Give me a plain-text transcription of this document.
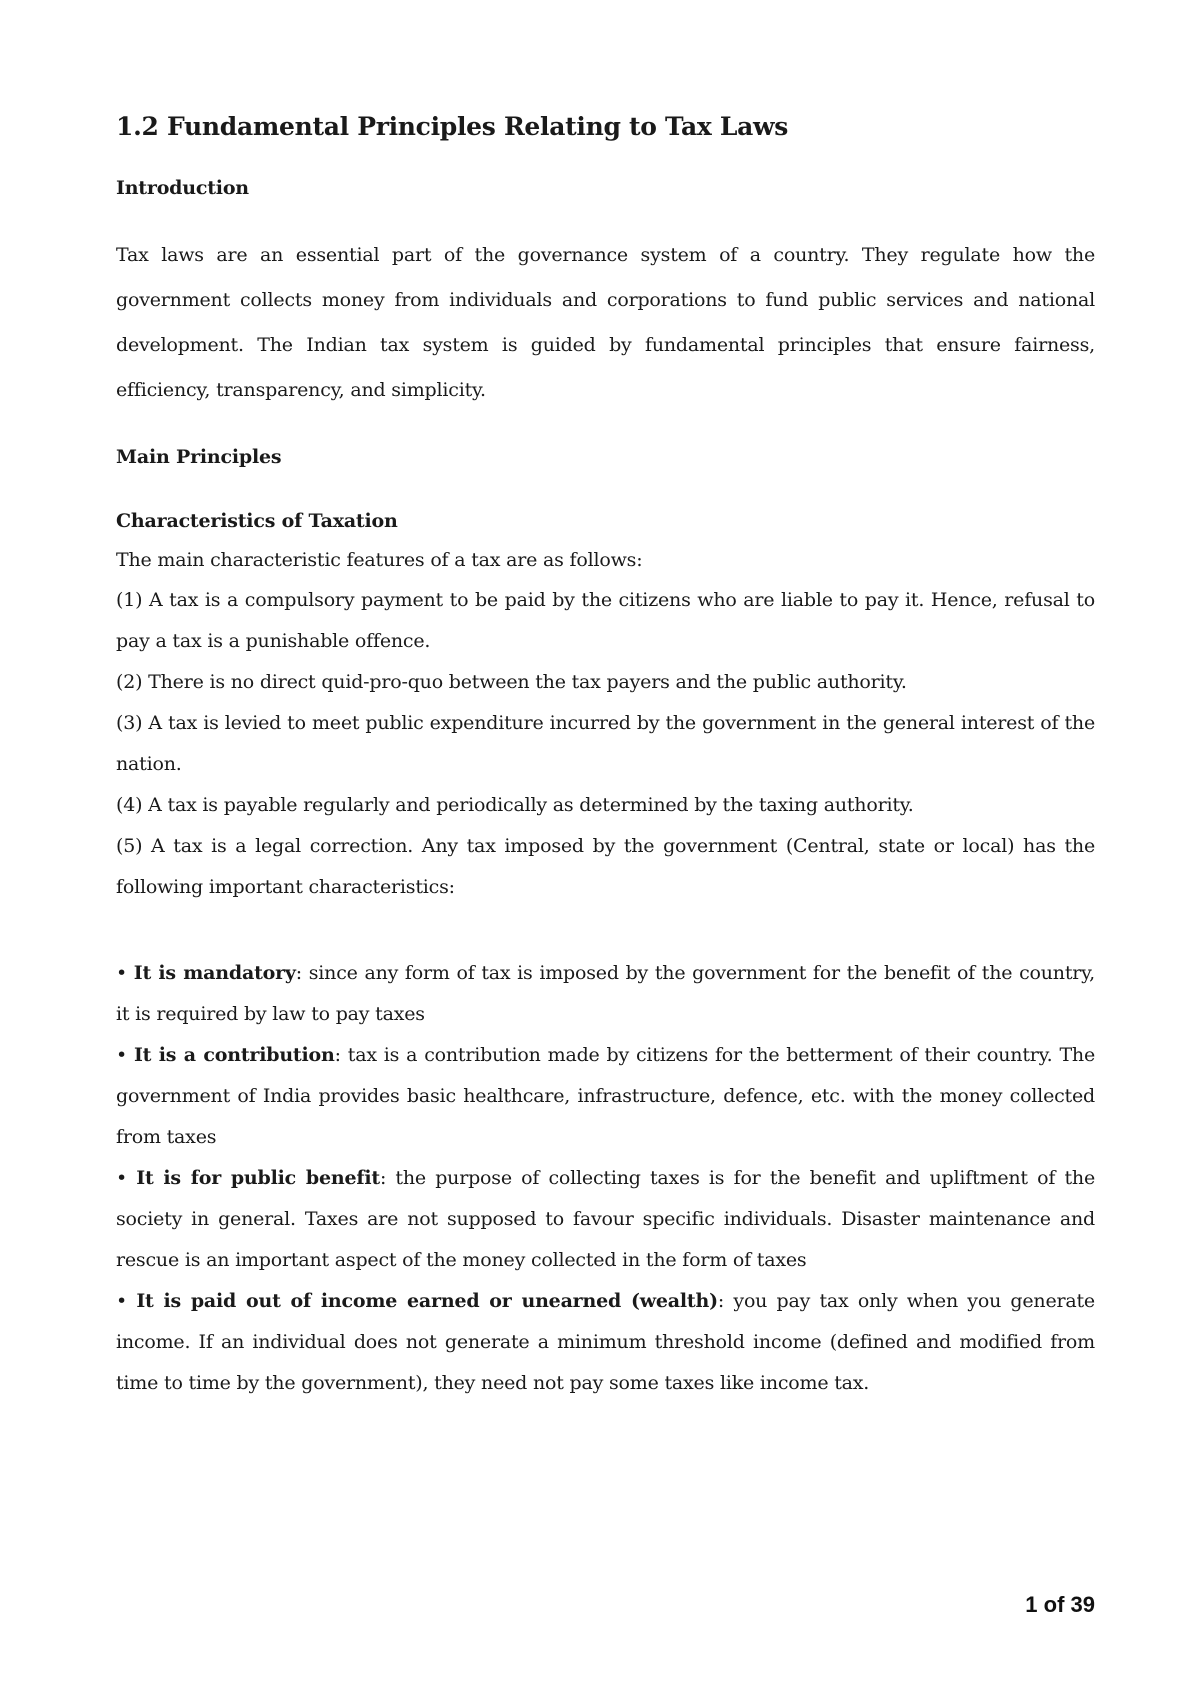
1.2 Fundamental Principles Relating to Tax Laws
Introduction
Tax laws are an essential part of the governance system of a country. They regulate how the government collects money from individuals and corporations to fund public services and national development. The Indian tax system is guided by fundamental principles that ensure fairness, efficiency, transparency, and simplicity.
Main Principles
Characteristics of Taxation
The main characteristic features of a tax are as follows:
(1) A tax is a compulsory payment to be paid by the citizens who are liable to pay it. Hence, refusal to pay a tax is a punishable offence.
(2) There is no direct quid-pro-quo between the tax payers and the public authority.
(3) A tax is levied to meet public expenditure incurred by the government in the general interest of the nation.
(4) A tax is payable regularly and periodically as determined by the taxing authority.
(5) A tax is a legal correction. Any tax imposed by the government (Central, state or local) has the following important characteristics:
• It is mandatory: since any form of tax is imposed by the government for the benefit of the country, it is required by law to pay taxes
• It is a contribution: tax is a contribution made by citizens for the betterment of their country. The government of India provides basic healthcare, infrastructure, defence, etc. with the money collected from taxes
• It is for public benefit: the purpose of collecting taxes is for the benefit and upliftment of the society in general. Taxes are not supposed to favour specific individuals. Disaster maintenance and rescue is an important aspect of the money collected in the form of taxes
• It is paid out of income earned or unearned (wealth): you pay tax only when you generate income. If an individual does not generate a minimum threshold income (defined and modified from time to time by the government), they need not pay some taxes like income tax.
1 of 39
